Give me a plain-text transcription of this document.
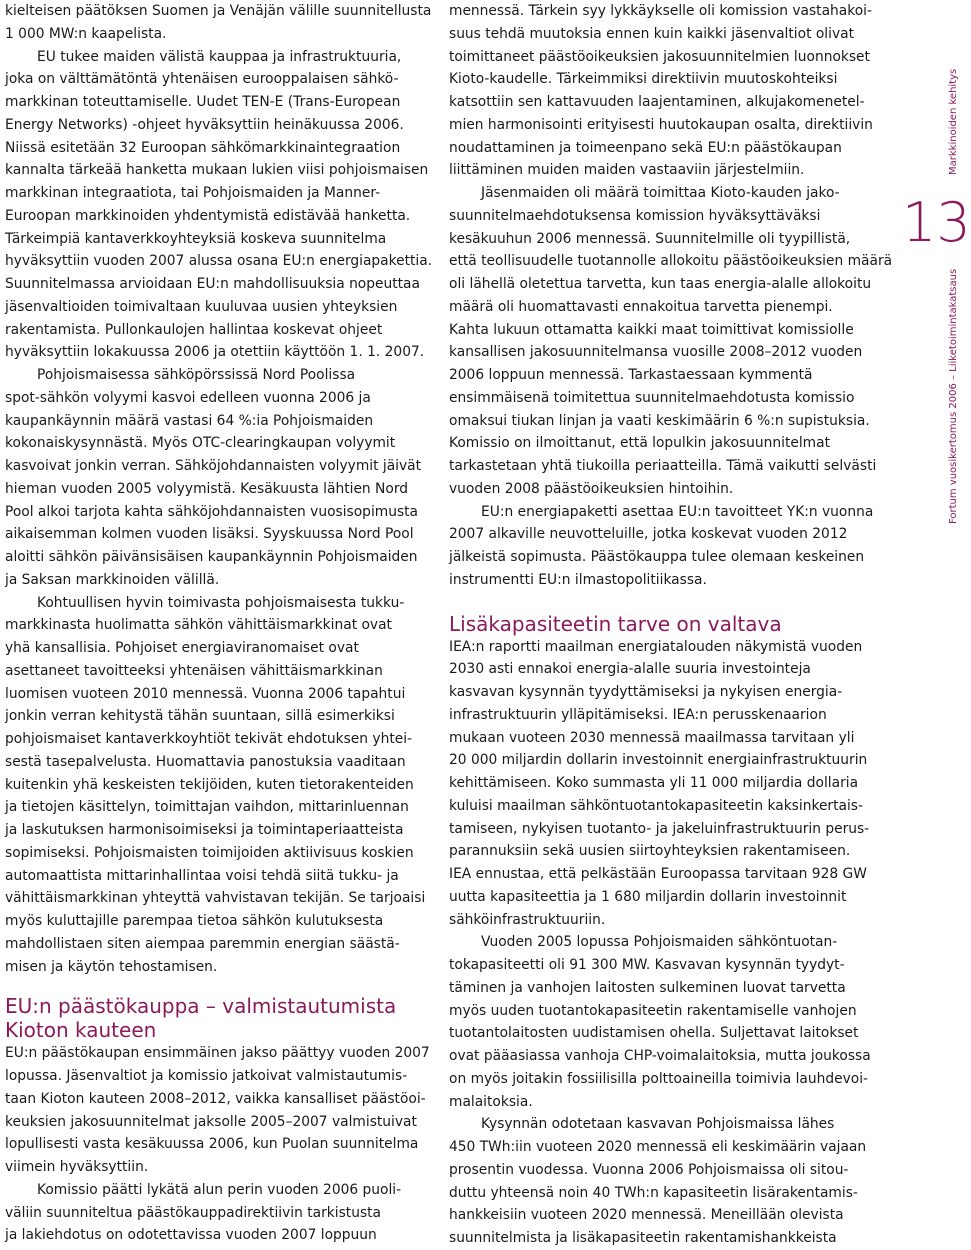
kielteisen päätöksen Suomen ja Venäjän välille suunnitellusta
1 000 MW:n kaapelista.
EU tukee maiden välistä kauppaa ja infrastruktuuria,
joka on välttämätöntä yhtenäisen eurooppalaisen sähkö-
markkinan toteuttamiselle. Uudet TEN-E (Trans-European
Energy Networks) -ohjeet hyväksyttiin heinäkuussa 2006.
Niissä esitetään 32 Euroopan sähkömarkkinaintegraation
kannalta tärkeää hanketta mukaan lukien viisi pohjoismaisen
markkinan integraatiota, tai Pohjoismaiden ja Manner-
Euroopan markkinoiden yhdentymistä edistävää hanketta.
Tärkeimpiä kantaverkkoyhteyksiä koskeva suunnitelma
hyväksyttiin vuoden 2007 alussa osana EU:n energiapakettia.
Suunnitelmassa arvioidaan EU:n mahdollisuuksia nopeuttaa
jäsenvaltioiden toimivaltaan kuuluvaa uusien yhteyksien
rakentamista. Pullonkaulojen hallintaa koskevat ohjeet
hyväksyttiin lokakuussa 2006 ja otettiin käyttöön 1. 1. 2007.
Pohjoismaisessa sähköpörssissä Nord Poolissa
spot-sähkön volyymi kasvoi edelleen vuonna 2006 ja
kaupankäynnin määrä vastasi 64 %:ia Pohjoismaiden
kokonaiskysynnästä. Myös OTC-clearingkaupan volyymit
kasvoivat jonkin verran. Sähköjohdannaisten volyymit jäivät
hieman vuoden 2005 volyymistä. Kesäkuusta lähtien Nord
Pool alkoi tarjota kahta sähköjohdannaisten vuosisopimusta
aikaisemman kolmen vuoden lisäksi. Syyskuussa Nord Pool
aloitti sähkön päivänsisäisen kaupankäynnin Pohjoismaiden
ja Saksan markkinoiden välillä.
Kohtuullisen hyvin toimivasta pohjoismaisesta tukku-
markkinasta huolimatta sähkön vähittäismarkkinat ovat
yhä kansallisia. Pohjoiset energiaviranomaiset ovat
asettaneet tavoitteeksi yhtenäisen vähittäismarkkinan
luomisen vuoteen 2010 mennessä. Vuonna 2006 tapahtui
jonkin verran kehitystä tähän suuntaan, sillä esimerkiksi
pohjoismaiset kantaverkkoyhtiöt tekivät ehdotuksen yhtei-
sestä tasepalvelusta. Huomattavia panostuksia vaaditaan
kuitenkin yhä keskeisten tekijöiden, kuten tietorakenteiden
ja tietojen käsittelyn, toimittajan vaihdon, mittarinluennan
ja laskutuksen harmonisoimiseksi ja toimintaperiaatteista
sopimiseksi. Pohjoismaisten toimijoiden aktiivisuus koskien
automaattista mittarinhallintaa voisi tehdä siitä tukku- ja
vähittäismarkkinan yhteyttä vahvistavan tekijän. Se tarjoaisi
myös kuluttajille parempaa tietoa sähkön kulutuksesta
mahdollistaen siten aiempaa paremmin energian säästä-
misen ja käytön tehostamisen.
EU:n päästökauppa – valmistautumista
Kioton kauteen
EU:n päästökaupan ensimmäinen jakso päättyy vuoden 2007
lopussa. Jäsenvaltiot ja komissio jatkoivat valmistautumis-
taan Kioton kauteen 2008–2012, vaikka kansalliset päästöoi-
keuksien jakosuunnitelmat jaksolle 2005–2007 valmistuivat
lopullisesti vasta kesäkuussa 2006, kun Puolan suunnitelma
viimein hyväksyttiin.
Komissio päätti lykätä alun perin vuoden 2006 puoli-
väliin suunniteltua päästökauppadirektiivin tarkistusta
ja lakiehdotus on odotettavissa vuoden 2007 loppuun
mennessä. Tärkein syy lykkäykselle oli komission vastahakoi-
suus tehdä muutoksia ennen kuin kaikki jäsenvaltiot olivat
toimittaneet päästöoikeuksien jakosuunnitelmien luonnokset
Kioto-kaudelle. Tärkeimmiksi direktiivin muutoskohteiksi
katsottiin sen kattavuuden laajentaminen, alkujakomenetel-
mien harmonisointi erityisesti huutokaupan osalta, direktiivin
noudattaminen ja toimeenpano sekä EU:n päästökaupan
liittäminen muiden maiden vastaaviin järjestelmiin.
Jäsenmaiden oli määrä toimittaa Kioto-kauden jako-
suunnitelmaehdotuksensa komission hyväksyttäväksi
kesäkuuhun 2006 mennessä. Suunnitelmille oli tyypillistä,
että teollisuudelle tuotannolle allokoitu päästöoikeuksien määrä
oli lähellä oletettua tarvetta, kun taas energia-alalle allokoitu
määrä oli huomattavasti ennakoitua tarvetta pienempi.
Kahta lukuun ottamatta kaikki maat toimittivat komissiolle
kansallisen jakosuunnitelmansa vuosille 2008–2012 vuoden
2006 loppuun mennessä. Tarkastaessaan kymmentä
ensimmäisenä toimitettua suunnitelmaehdotusta komissio
omaksui tiukan linjan ja vaati keskimäärin 6 %:n supistuksia.
Komissio on ilmoittanut, että lopulkin jakosuunnitelmat
tarkastetaan yhtä tiukoilla periaatteilla. Tämä vaikutti selvästi
vuoden 2008 päästöoikeuksien hintoihin.
EU:n energiapaketti asettaa EU:n tavoitteet YK:n vuonna
2007 alkaville neuvotteluille, jotka koskevat vuoden 2012
jälkeistä sopimusta. Päästökauppa tulee olemaan keskeinen
instrumentti EU:n ilmastopolitiikassa.
Lisäkapasiteetin tarve on valtava
IEA:n raportti maailman energiatalouden näkymistä vuoden
2030 asti ennakoi energia-alalle suuria investointeja
kasvavan kysynnän tyydyttämiseksi ja nykyisen energia-
infrastruktuurin ylläpitämiseksi. IEA:n perusskenaarion
mukaan vuoteen 2030 mennessä maailmassa tarvitaan yli
20 000 miljardin dollarin investoinnit energiainfrastruktuurin
kehittämiseen. Koko summasta yli 11 000 miljardia dollaria
kuluisi maailman sähköntuotantokapasiteetin kaksinkertais-
tamiseen, nykyisen tuotanto- ja jakeluinfrastruktuurin perus-
parannuksiin sekä uusien siirtoyhteyksien rakentamiseen.
IEA ennustaa, että pelkästään Euroopassa tarvitaan 928 GW
uutta kapasiteettia ja 1 680 miljardin dollarin investoinnit
sähköinfrastruktuuriin.
Vuoden 2005 lopussa Pohjoismaiden sähköntuotan-
tokapasiteetti oli 91 300 MW. Kasvavan kysynnän tyydyt-
täminen ja vanhojen laitosten sulkeminen luovat tarvetta
myös uuden tuotantokapasiteetin rakentamiselle vanhojen
tuotantolaitosten uudistamisen ohella. Suljettavat laitokset
ovat pääasiassa vanhoja CHP-voimalaitoksia, mutta joukossa
on myös joitakin fossiilisilla polttoaineilla toimivia lauhdevoi-
malaitoksia.
Kysynnän odotetaan kasvavan Pohjoismaissa lähes
450 TWh:iin vuoteen 2020 mennessä eli keskimäärin vajaan
prosentin vuodessa. Vuonna 2006 Pohjoismaissa oli sitou-
duttu yhteensä noin 40 TWh:n kapasiteetin lisärakentamis-
hankkeisiin vuoteen 2020 mennessä. Meneillään olevista
suunnitelmista ja lisäkapasiteetin rakentamishankkeista
Markkinoiden kehitys
13
Fortum vuosikertomus 2006 – Liiketoimintakatsaus
